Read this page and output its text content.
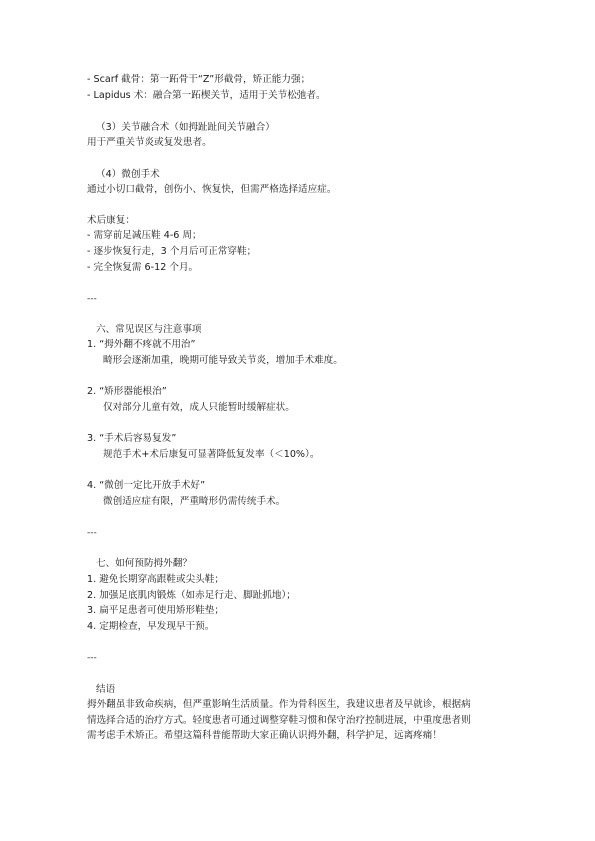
- Scarf 截骨：第一跖骨干“Z”形截骨，矫正能力强；
- Lapidus 术：融合第一跖楔关节，适用于关节松弛者。
（3）关节融合术（如拇趾趾间关节融合）
用于严重关节炎或复发患者。
（4）微创手术
通过小切口截骨，创伤小、恢复快，但需严格选择适应症。
术后康复：
- 需穿前足减压鞋 4-6 周；
- 逐步恢复行走，3 个月后可正常穿鞋；
- 完全恢复需 6-12 个月。
---
六、常见误区与注意事项
1. “拇外翻不疼就不用治”
畸形会逐渐加重，晚期可能导致关节炎，增加手术难度。
2. “矫形器能根治”
仅对部分儿童有效，成人只能暂时缓解症状。
3. “手术后容易复发”
规范手术+术后康复可显著降低复发率（＜10%）。
4. “微创一定比开放手术好”
微创适应症有限，严重畸形仍需传统手术。
---
七、如何预防拇外翻？
1. 避免长期穿高跟鞋或尖头鞋；
2. 加强足底肌肉锻炼（如赤足行走、脚趾抓地）；
3. 扁平足患者可使用矫形鞋垫；
4. 定期检查，早发现早干预。
---
结语
拇外翻虽非致命疾病，但严重影响生活质量。作为骨科医生，我建议患者及早就诊，根据病
情选择合适的治疗方式。轻度患者可通过调整穿鞋习惯和保守治疗控制进展，中重度患者则
需考虑手术矫正。希望这篇科普能帮助大家正确认识拇外翻，科学护足，远离疼痛！
